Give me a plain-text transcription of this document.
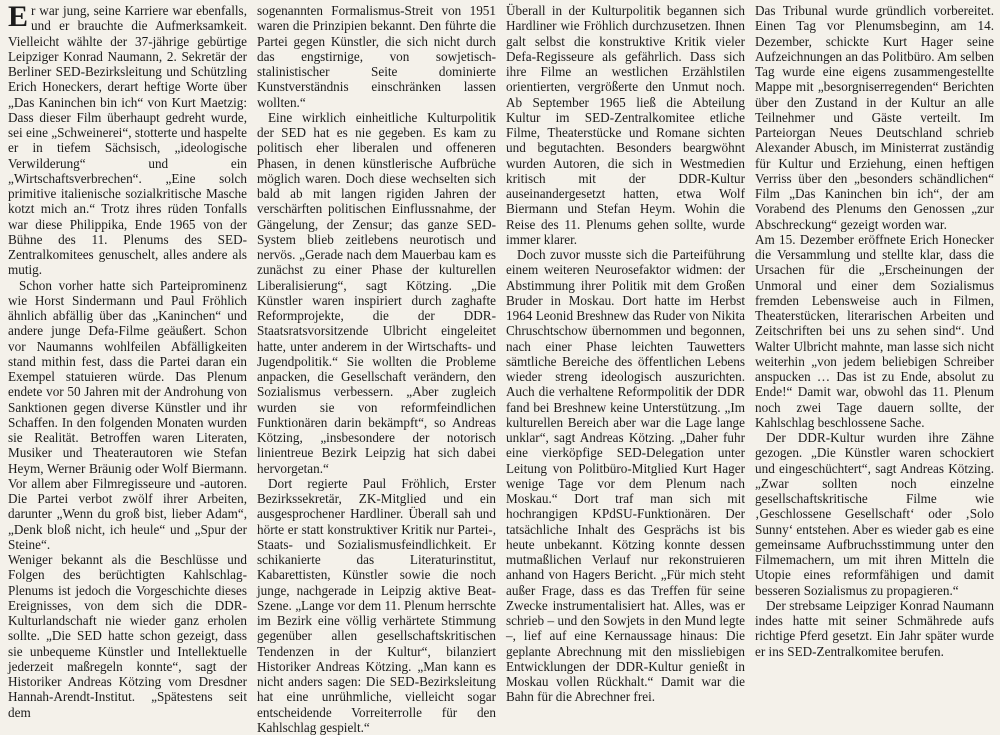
Er war jung, seine Karriere war ebenfalls, und er brauchte die Aufmerksamkeit. Vielleicht wählte der 37-jährige gebürtige Leipziger Konrad Naumann, 2. Sekretär der Berliner SED-Bezirksleitung und Schützling Erich Honeckers, derart heftige Worte über „Das Kaninchen bin ich“ von Kurt Maetzig: Dass dieser Film überhaupt gedreht wurde, sei eine „Schweinerei“, stotterte und haspelte er in tiefem Sächsisch, „ideologische Verwilderung“ und ein „Wirtschaftsverbrechen“. „Eine solch primitive italienische sozialkritische Masche kotzt mich an.“ Trotz ihres rüden Tonfalls war diese Philippika, Ende 1965 von der Bühne des 11. Plenums des SED-Zentralkomitees genuschelt, alles andere als mutig.

Schon vorher hatte sich Parteiprominenz wie Horst Sindermann und Paul Fröhlich ähnlich abfällig über das „Kaninchen“ und andere junge Defa-Filme geäußert. Schon vor Naumanns wohlfeilen Abfälligkeiten stand mithin fest, dass die Partei daran ein Exempel statuieren würde. Das Plenum endete vor 50 Jahren mit der Androhung von Sanktionen gegen diverse Künstler und ihr Schaffen. In den folgenden Monaten wurden sie Realität. Betroffen waren Literaten, Musiker und Theaterautoren wie Stefan Heym, Werner Bräunig oder Wolf Biermann. Vor allem aber Filmregisseure und -autoren. Die Partei verbot zwölf ihrer Arbeiten, darunter „Wenn du groß bist, lieber Adam“, „Denk bloß nicht, ich heule“ und „Spur der Steine“.

Weniger bekannt als die Beschlüsse und Folgen des berüchtigten Kahlschlag-Plenums ist jedoch die Vorgeschichte dieses Ereignisses, von dem sich die DDR-Kulturlandschaft nie wieder ganz erholen sollte. „Die SED hatte schon gezeigt, dass sie unbequeme Künstler und Intellektuelle jederzeit maßregeln konnte“, sagt der Historiker Andreas Kötzing vom Dresdner Hannah-Arendt-Institut. „Spätestens seit dem

sogenannten Formalismus-Streit von 1951 waren die Prinzipien bekannt. Den führte die Partei gegen Künstler, die sich nicht durch das engstirnige, von sowjetisch-stalinistischer Seite dominierte Kunstverständnis einschränken lassen wollten.“

Eine wirklich einheitliche Kulturpolitik der SED hat es nie gegeben. Es kam zu politisch eher liberalen und offeneren Phasen, in denen künstlerische Aufbrüche möglich waren. Doch diese wechselten sich bald ab mit langen rigiden Jahren der verschärften politischen Einflussnahme, der Gängelung, der Zensur; das ganze SED-System blieb zeitlebens neurotisch und nervös. „Gerade nach dem Mauerbau kam es zunächst zu einer Phase der kulturellen Liberalisierung“, sagt Kötzing. „Die Künstler waren inspiriert durch zaghafte Reformprojekte, die der DDR-Staatsratsvorsitzende Ulbricht eingeleitet hatte, unter anderem in der Wirtschafts- und Jugendpolitik.“ Sie wollten die Probleme anpacken, die Gesellschaft verändern, den Sozialismus verbessern. „Aber zugleich wurden sie von reformfeindlichen Funktionären darin bekämpft“, so Andreas Kötzing, „insbesondere der notorisch linientreue Bezirk Leipzig hat sich dabei hervorgetan.“

Dort regierte Paul Fröhlich, Erster Bezirkssekretär, ZK-Mitglied und ein ausgesprochener Hardliner. Überall sah und hörte er statt konstruktiver Kritik nur Partei-, Staats- und Sozialismusfeindlichkeit. Er schikanierte das Literaturinstitut, Kabarettisten, Künstler sowie die noch junge, nachgerade in Leipzig aktive Beat-Szene. „Lange vor dem 11. Plenum herrschte im Bezirk eine völlig verhärtete Stimmung gegenüber allen gesellschaftskritischen Tendenzen in der Kultur“, bilanziert Historiker Andreas Kötzing. „Man kann es nicht anders sagen: Die SED-Bezirksleitung hat eine unrühmliche, vielleicht sogar entscheidende Vorreiterrolle für den Kahlschlag gespielt.“

Überall in der Kulturpolitik begannen sich Hardliner wie Fröhlich durchzusetzen. Ihnen galt selbst die konstruktive Kritik vieler Defa-Regisseure als gefährlich. Dass sich ihre Filme an westlichen Erzählstilen orientierten, vergrößerte den Unmut noch. Ab September 1965 ließ die Abteilung Kultur im SED-Zentralkomitee etliche Filme, Theaterstücke und Romane sichten und begutachten. Besonders beargwöhnt wurden Autoren, die sich in Westmedien kritisch mit der DDR-Kultur auseinandergesetzt hatten, etwa Wolf Biermann und Stefan Heym. Wohin die Reise des 11. Plenums gehen sollte, wurde immer klarer.

Doch zuvor musste sich die Parteiführung einem weiteren Neurosefaktor widmen: der Abstimmung ihrer Politik mit dem Großen Bruder in Moskau. Dort hatte im Herbst 1964 Leonid Breshnew das Ruder von Nikita Chruschtschow übernommen und begonnen, nach einer Phase leichten Tauwetters sämtliche Bereiche des öffentlichen Lebens wieder streng ideologisch auszurichten. Auch die verhaltene Reformpolitik der DDR fand bei Breshnew keine Unterstützung. „Im kulturellen Bereich aber war die Lage lange unklar“, sagt Andreas Kötzing. „Daher fuhr eine vierköpfige SED-Delegation unter Leitung von Politbüro-Mitglied Kurt Hager wenige Tage vor dem Plenum nach Moskau.“ Dort traf man sich mit hochrangigen KPdSU-Funktionären. Der tatsächliche Inhalt des Gesprächs ist bis heute unbekannt. Kötzing konnte dessen mutmaßlichen Verlauf nur rekonstruieren anhand von Hagers Bericht. „Für mich steht außer Frage, dass es das Treffen für seine Zwecke instrumentalisiert hat. Alles, was er schrieb – und den Sowjets in den Mund legte –, lief auf eine Kernaussage hinaus: Die geplante Abrechnung mit den missliebigen Entwicklungen der DDR-Kultur genießt in Moskau vollen Rückhalt.“ Damit war die Bahn für die Abrechner frei.

Das Tribunal wurde gründlich vorbereitet. Einen Tag vor Plenumsbeginn, am 14. Dezember, schickte Kurt Hager seine Aufzeichnungen an das Politbüro. Am selben Tag wurde eine eigens zusammengestellte Mappe mit „besorgniserregenden“ Berichten über den Zustand in der Kultur an alle Teilnehmer und Gäste verteilt. Im Parteiorgan Neues Deutschland schrieb Alexander Abusch, im Ministerrat zuständig für Kultur und Erziehung, einen heftigen Verriss über den „besonders schändlichen“ Film „Das Kaninchen bin ich“, der am Vorabend des Plenums den Genossen „zur Abschreckung“ gezeigt worden war.

Am 15. Dezember eröffnete Erich Honecker die Versammlung und stellte klar, dass die Ursachen für die „Erscheinungen der Unmoral und einer dem Sozialismus fremden Lebensweise auch in Filmen, Theaterstücken, literarischen Arbeiten und Zeitschriften bei uns zu sehen sind“. Und Walter Ulbricht mahnte, man lasse sich nicht weiterhin „von jedem beliebigen Schreiber anspucken … Das ist zu Ende, absolut zu Ende!“ Damit war, obwohl das 11. Plenum noch zwei Tage dauern sollte, der Kahlschlag beschlossene Sache.

Der DDR-Kultur wurden ihre Zähne gezogen. „Die Künstler waren schockiert und eingeschüchtert“, sagt Andreas Kötzing. „Zwar sollten noch einzelne gesellschaftskritische Filme wie ‚Geschlossene Gesellschaft‘ oder ‚Solo Sunny‘ entstehen. Aber es wieder gab es eine gemeinsame Aufbruchsstimmung unter den Filmemachern, um mit ihren Mitteln die Utopie eines reformfähigen und damit besseren Sozialismus zu propagieren.“

Der strebsame Leipziger Konrad Naumann indes hatte mit seiner Schmährede aufs richtige Pferd gesetzt. Ein Jahr später wurde er ins SED-Zentralkomitee berufen.
